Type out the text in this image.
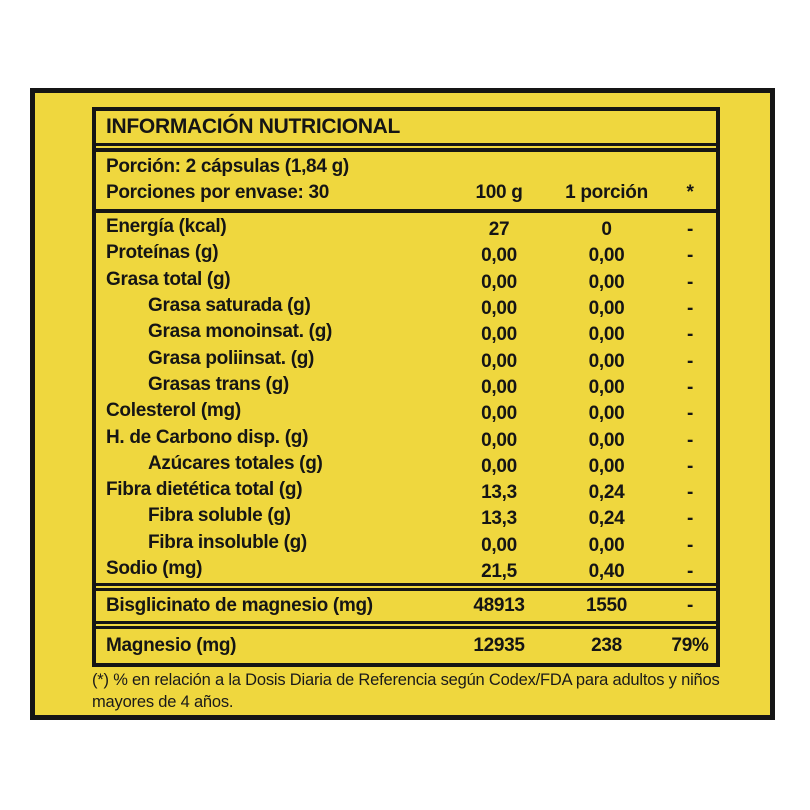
INFORMACIÓN NUTRICIONAL
Porción: 2 cápsulas (1,84 g)
Porciones por envase: 30	100 g	1 porción	*
Energía (kcal)	27	0	-
Proteínas (g)	0,00	0,00	-
Grasa total (g)	0,00	0,00	-
Grasa saturada (g)	0,00	0,00	-
Grasa monoinsat. (g)	0,00	0,00	-
Grasa poliinsat. (g)	0,00	0,00	-
Grasas trans (g)	0,00	0,00	-
Colesterol (mg)	0,00	0,00	-
H. de Carbono disp. (g)	0,00	0,00	-
Azúcares totales (g)	0,00	0,00	-
Fibra dietética total (g)	13,3	0,24	-
Fibra soluble (g)	13,3	0,24	-
Fibra insoluble (g)	0,00	0,00	-
Sodio (mg)	21,5	0,40	-
Bisglicinato de magnesio (mg)	48913	1550	-
Magnesio (mg)	12935	238	79%
(*) % en relación a la Dosis Diaria de Referencia según Codex/FDA para adultos y niños mayores de 4 años.
